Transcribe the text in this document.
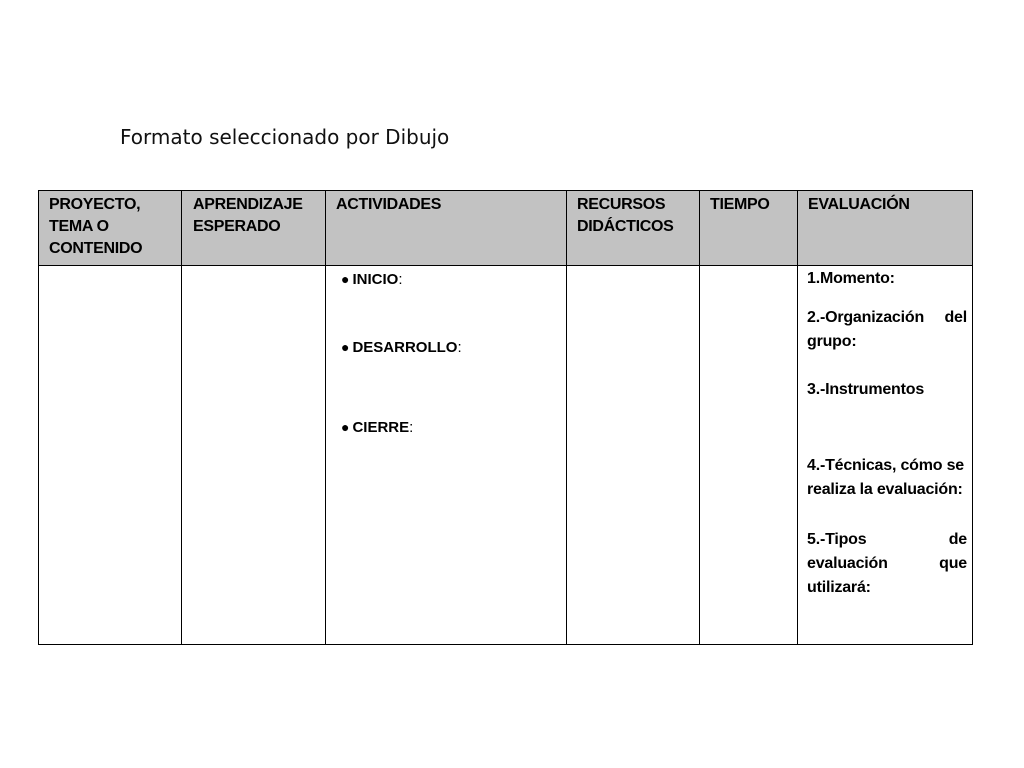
Formato seleccionado por Dibujo
PROYECTO, TEMA O CONTENIDO
APRENDIZAJE ESPERADO
ACTIVIDADES	RECURSOS DIDÁCTICOS
TIEMPO	EVALUACIÓN
● INICIO:
● DESARROLLO:
● CIERRE:
1.Momento:
2.-Organización del
grupo:
3.-Instrumentos
4.-Técnicas, cómo se
realiza la evaluación:
5.-Tipos de
evaluación que
utilizará:
